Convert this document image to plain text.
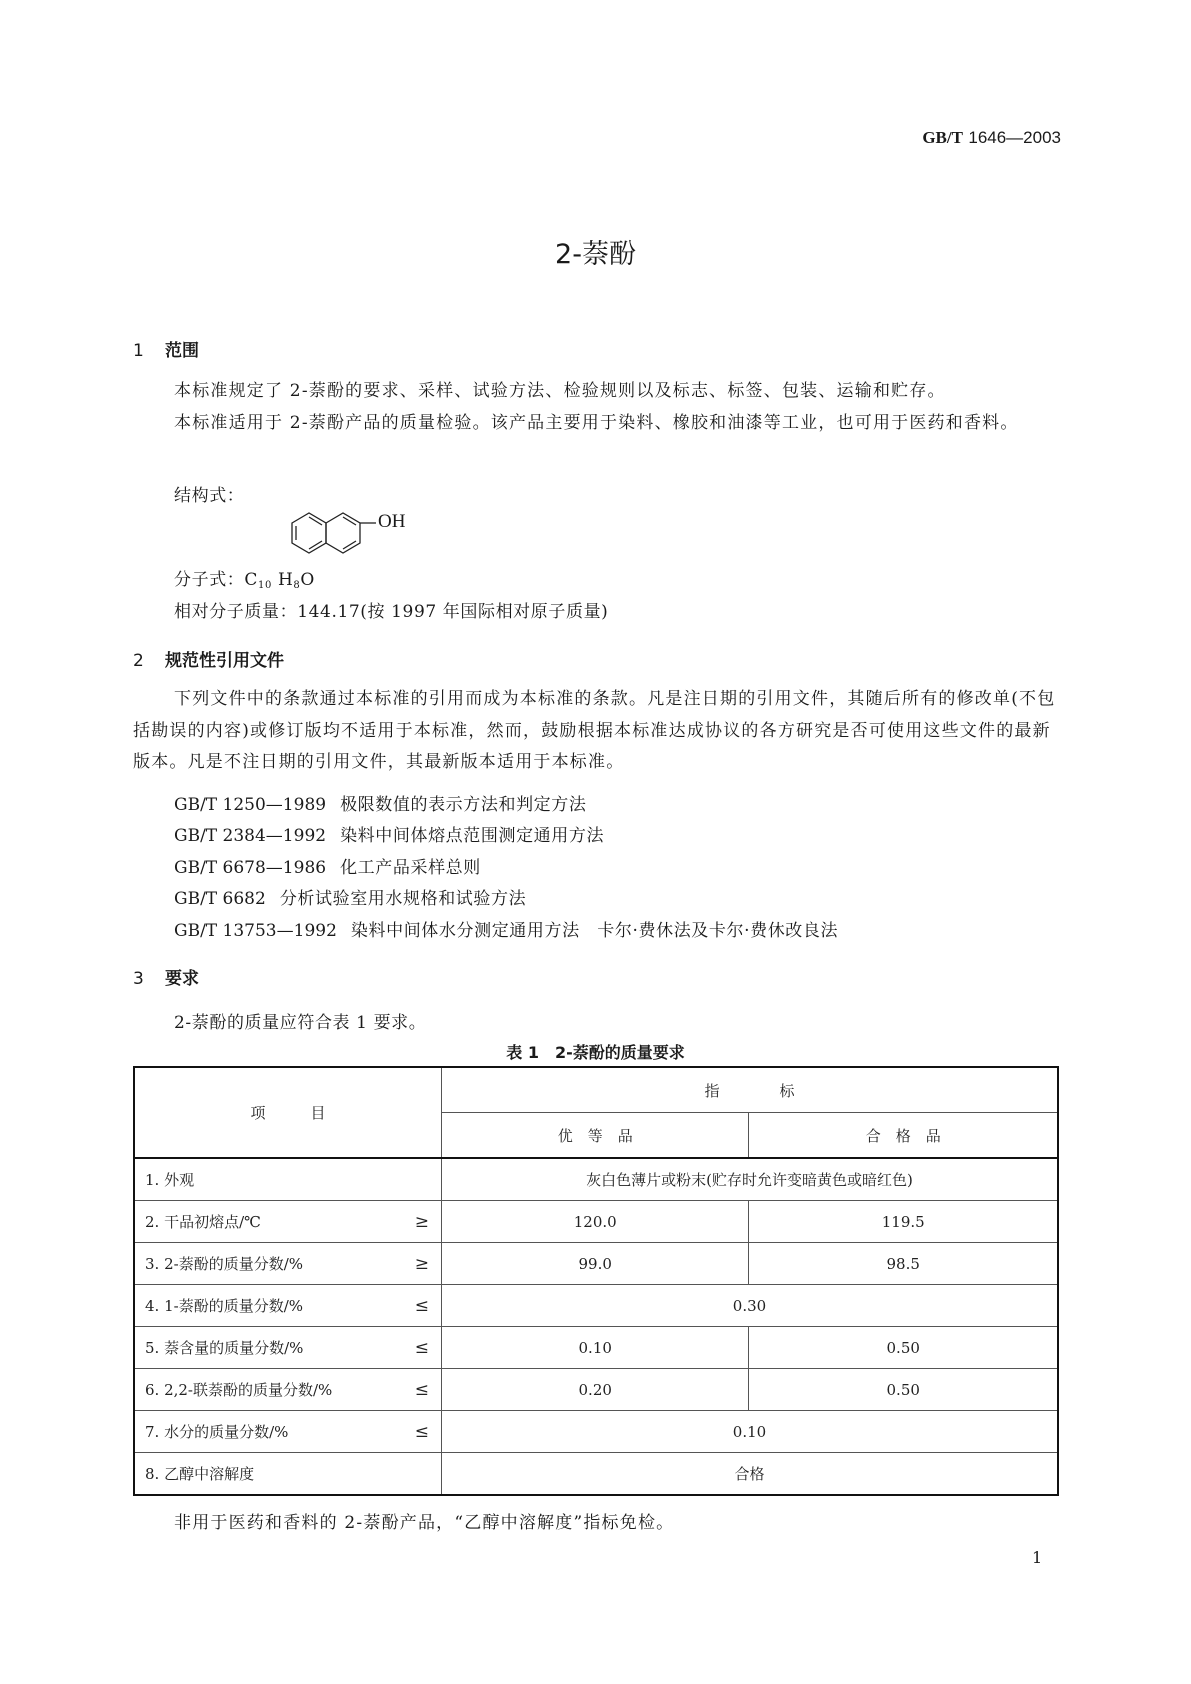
GB/T 1646—2003
2-萘酚
1 范围
本标准规定了 2-萘酚的要求、采样、试验方法、检验规则以及标志、标签、包装、运输和贮存。
本标准适用于 2-萘酚产品的质量检验。该产品主要用于染料、橡胶和油漆等工业，也可用于医药和香料。
结构式：
OH
分子式：$C_{10}$ $H_8O$
相对分子质量：144.17(按 1997 年国际相对原子质量)
2 规范性引用文件
下列文件中的条款通过本标准的引用而成为本标准的条款。凡是注日期的引用文件，其随后所有的修改单(不包括勘误的内容)或修订版均不适用于本标准，然而，鼓励根据本标准达成协议的各方研究是否可使用这些文件的最新版本。凡是不注日期的引用文件，其最新版本适用于本标准。
GB/T 1250—1989 极限数值的表示方法和判定方法
GB/T 2384—1992 染料中间体熔点范围测定通用方法
GB/T 6678—1986 化工产品采样总则
GB/T 6682 分析试验室用水规格和试验方法
GB/T 13753—1992 染料中间体水分测定通用方法　卡尔·费休法及卡尔·费休改良法
3 要求
2-萘酚的质量应符合表 1 要求。
表 1　2-萘酚的质量要求
项　　　目	指　　　　标	
	优　等　品	合　格　品
1. 外观	灰白色薄片或粉末(贮存时允许变暗黄色或暗红色)	
2. 干品初熔点/℃ ≥	120.0	119.5
3. 2-萘酚的质量分数/% ≥	99.0	98.5
4. 1-萘酚的质量分数/% ≤	0.30	
5. 萘含量的质量分数/% ≤	0.10	0.50
6. 2,2-联萘酚的质量分数/% ≤	0.20	0.50
7. 水分的质量分数/% ≤	0.10	
8. 乙醇中溶解度	合格	
非用于医药和香料的 2-萘酚产品，“乙醇中溶解度”指标免检。
1
